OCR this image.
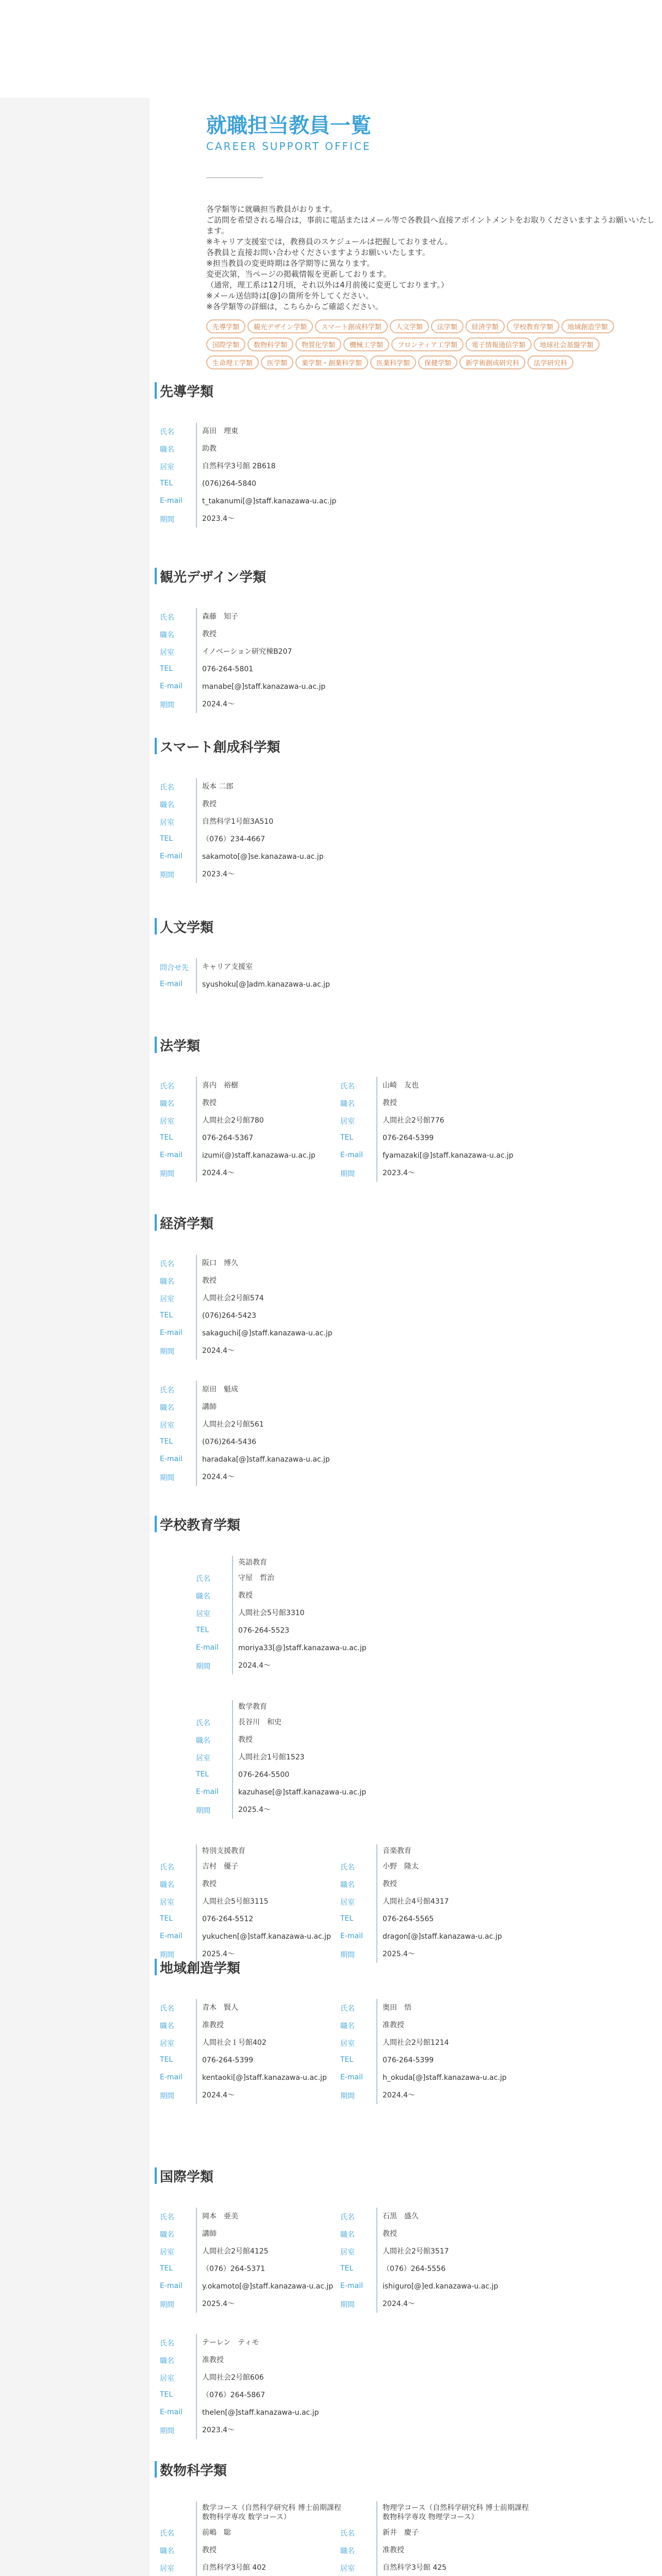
就職担当教員一覧
CAREER SUPPORT OFFICE

各学類等に就職担当教員がおります。

ご訪問を希望される場合は，事前に電話またはメール等で各教員へ直接アポイントメントをお取りくださいますようお願いいたします。

※キャリア支援室では，教務員のスケジュールは把握しておりません。

各教員と直接お問い合わせくださいますようお願いいたします。

※担当教員の変更時期は各学期等に異なります。

変更次第，当ページの掲載情報を更新しております。

（通常，理工系は12月頃，それ以外は4月前後に変更しております。）

※メール送信時は[@]の箇所を外してください。

※各学類等の詳細は，こちらからご確認ください。

先導学類 観光デザイン学類 スマート創成科学類 人文学類 法学類 経済学類 学校教育学類 地域創造学類国際学類 数物科学類 物質化学類 機械工学類 フロンティア工学類 電子情報通信学類 地球社会基盤学類生命理工学類 医学類 薬学類・創薬科学類 医薬科学類 保健学類 新学術創成研究科 法学研究科
先導学類
氏名	髙田　理東
職名	助教
居室	自然科学3号館 2B618
TEL	(076)264-5840
E-mail	t_takanumi[@]staff.kanazawa-u.ac.jp
期間	2023.4～
観光デザイン学類
氏名	森藤　知子
職名	教授
居室	イノベーション研究棟B207
TEL	076-264-5801
E-mail	manabe[@]staff.kanazawa-u.ac.jp
期間	2024.4～
スマート創成科学類
氏名	坂本 二郎
職名	教授
居室	自然科学1号館3A510
TEL	（076）234-4667
E-mail	sakamoto[@]se.kanazawa-u.ac.jp
期間	2023.4～
人文学類
問合せ先	キャリア支援室
E-mail	syushoku[@]adm.kanazawa-u.ac.jp
法学類
氏名	喜内　裕樹
職名	教授
居室	人間社会2号館780
TEL	076-264-5367
E-mail	izumi(@)staff.kanazawa-u.ac.jp
期間	2024.4～
氏名	山崎　友也
職名	教授
居室	人間社会2号館776
TEL	076-264-5399
E-mail	fyamazaki[@]staff.kanazawa-u.ac.jp
期間	2023.4～
経済学類
氏名	阪口　博久
職名	教授
居室	人間社会2号館574
TEL	(076)264-5423
E-mail	sakaguchi[@]staff.kanazawa-u.ac.jp
期間	2024.4～
氏名	原田　魁成
職名	講師
居室	人間社会2号館561
TEL	(076)264-5436
E-mail	haradaka[@]staff.kanazawa-u.ac.jp
期間	2024.4～
学校教育学類
英語教育
氏名	守屋　哲治
職名	教授
居室	人間社会5号館3310
TEL	076-264-5523
E-mail	moriya33[@]staff.kanazawa-u.ac.jp
期間	2024.4～
数学教育
氏名	長谷川　和史
職名	教授
居室	人間社会1号館1523
TEL	076-264-5500
E-mail	kazuhase[@]staff.kanazawa-u.ac.jp
期間	2025.4～
特別支援教育
氏名	吉村　優子
職名	教授
居室	人間社会5号館3115
TEL	076-264-5512
E-mail	yukuchen[@]staff.kanazawa-u.ac.jp
期間	2025.4～
音楽教育
氏名	小野　隆太
職名	教授
居室	人間社会4号館4317
TEL	076-264-5565
E-mail	dragon[@]staff.kanazawa-u.ac.jp
期間	2025.4～
地域創造学類
氏名	青木　賢人
職名	准教授
居室	人間社会１号館402
TEL	076-264-5399
E-mail	kentaoki[@]staff.kanazawa-u.ac.jp
期間	2024.4～
氏名	奥田　悟
職名	准教授
居室	人間社会2号館1214
TEL	076-264-5399
E-mail	h_okuda[@]staff.kanazawa-u.ac.jp
期間	2024.4～
国際学類
氏名	岡本　亜美
職名	講師
居室	人間社会2号館4125
TEL	（076）264-5371
E-mail	y.okamoto[@]staff.kanazawa-u.ac.jp
期間	2025.4～
氏名	石黒　盛久
職名	教授
居室	人間社会2号館3517
TEL	（076）264-5556
E-mail	ishiguro[@]ed.kanazawa-u.ac.jp
期間	2024.4～
氏名	テーレン　ティモ
職名	准教授
居室	人間社会2号館606
TEL	（076）264-5867
E-mail	thelen[@]staff.kanazawa-u.ac.jp
期間	2023.4～
数物科学類
数学コース（自然科学研究科 博士前期課程 数物科学専攻 数学コース）
氏名	前嶋　聡
職名	教授
居室	自然科学3号館 402
物理学コース（自然科学研究科 博士前期課程 数物科学専攻 物理学コース）
氏名	新井　慶子
職名	准教授
居室	自然科学3号館 425
